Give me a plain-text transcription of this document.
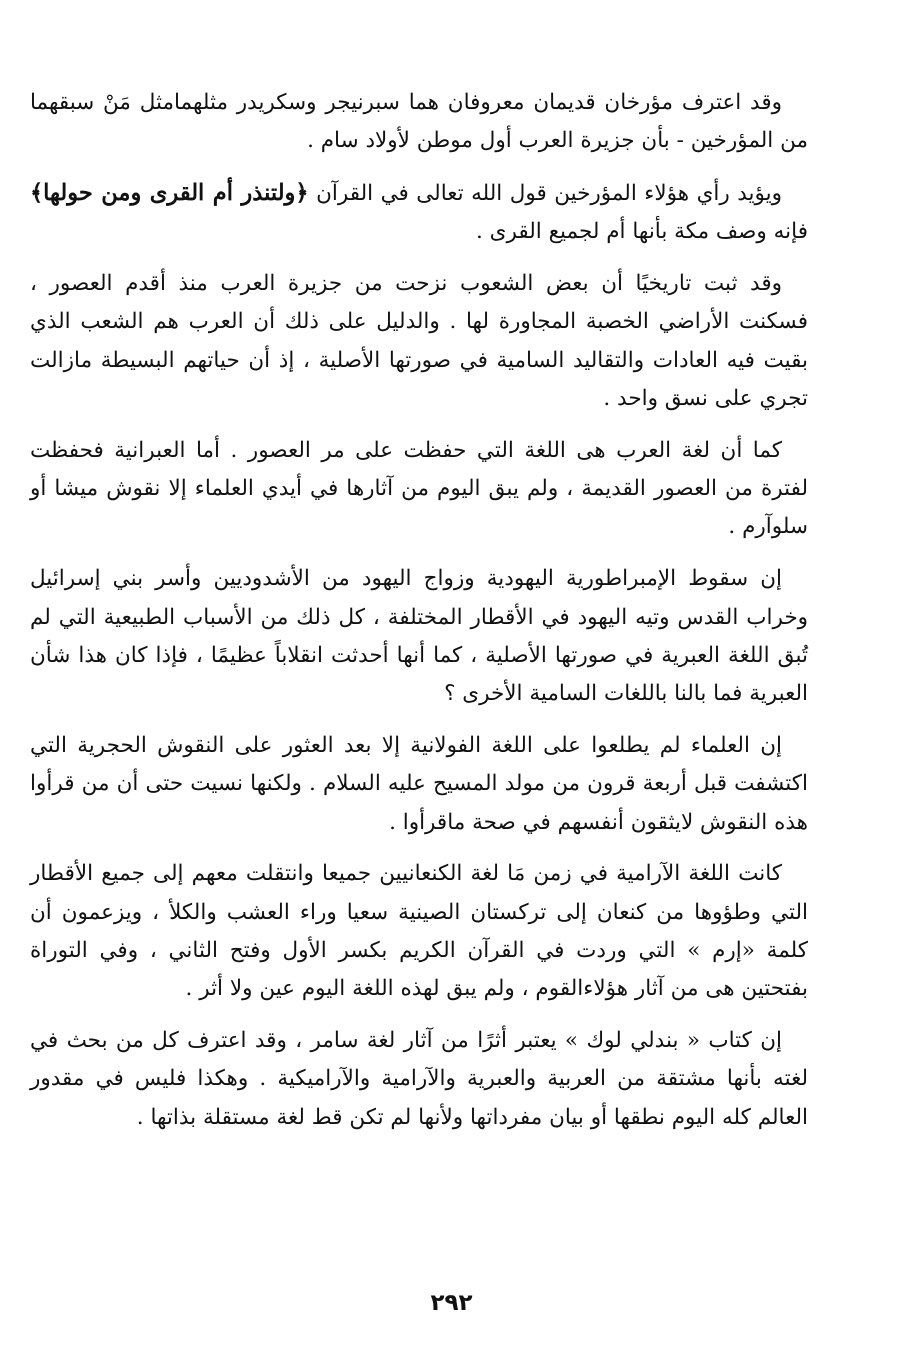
وقد اعترف مؤرخان قديمان معروفان هما سبرنيجر وسكريدر مثلهمامثل مَنْ سبقهما من المؤرخين - بأن جزيرة العرب أول موطن لأولاد سام .

ويؤيد رأي هؤلاء المؤرخين قول الله تعالى في القرآن ﴿ولتنذر أم القرى ومن حولها﴾ فإنه وصف مكة بأنها أم لجميع القرى .

وقد ثبت تاريخيًا أن بعض الشعوب نزحت من جزيرة العرب منذ أقدم العصور ، فسكنت الأراضي الخصبة المجاورة لها . والدليل على ذلك أن العرب هم الشعب الذي بقيت فيه العادات والتقاليد السامية في صورتها الأصلية ، إذ أن حياتهم البسيطة مازالت تجري على نسق واحد .

كما أن لغة العرب هى اللغة التي حفظت على مر العصور . أما العبرانية فحفظت لفترة من العصور القديمة ، ولم يبق اليوم من آثارها في أيدي العلماء إلا نقوش ميشا أو سلوآرم .

إن سقوط الإمبراطورية اليهودية وزواج اليهود من الأشدوديين وأسر بني إسرائيل وخراب القدس وتيه اليهود في الأقطار المختلفة ، كل ذلك من الأسباب الطبيعية التي لم تُبق اللغة العبرية في صورتها الأصلية ، كما أنها أحدثت انقلاباً عظيمًا ، فإذا كان هذا شأن العبرية فما بالنا باللغات السامية الأخرى ؟

إن العلماء لم يطلعوا على اللغة الفولانية إلا بعد العثور على النقوش الحجرية التي اكتشفت قبل أربعة قرون من مولد المسيح عليه السلام . ولكنها نسيت حتى أن من قرأوا هذه النقوش لايثقون أنفسهم في صحة ماقرأوا .

كانت اللغة الآرامية في زمن مَا لغة الكنعانيين جميعا وانتقلت معهم إلى جميع الأقطار التي وطؤوها من كنعان إلى تركستان الصينية سعيا وراء العشب والكلأ ، ويزعمون أن كلمة «إرم » التي وردت في القرآن الكريم بكسر الأول وفتح الثاني ، وفي التوراة بفتحتين هى من آثار هؤلاءالقوم ، ولم يبق لهذه اللغة اليوم عين ولا أثر .

إن كتاب « بندلي لوك » يعتبر أثرًا من آثار لغة سامر ، وقد اعترف كل من بحث في لغته بأنها مشتقة من العربية والعبرية والآرامية والآراميكية . وهكذا فليس في مقدور العالم كله اليوم نطقها أو بيان مفرداتها ولأنها لم تكن قط لغة مستقلة بذاتها .

٢٩٢
